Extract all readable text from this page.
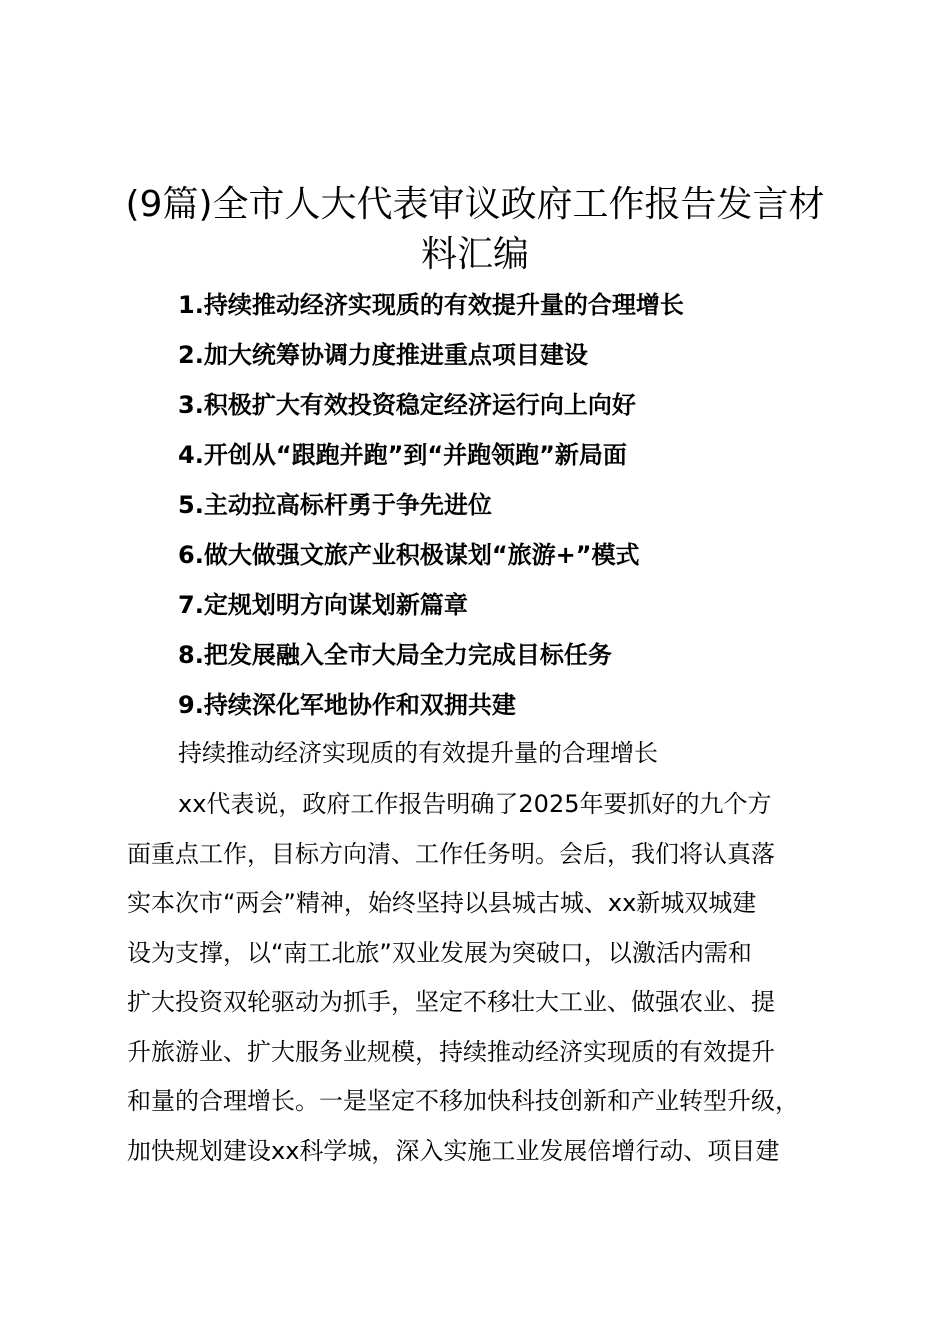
(9篇)全市人大代表审议政府工作报告发言材
料汇编
1.持续推动经济实现质的有效提升量的合理增长
2.加大统筹协调力度推进重点项目建设
3.积极扩大有效投资稳定经济运行向上向好
4.开创从“跟跑并跑”到“并跑领跑”新局面
5.主动拉高标杆勇于争先进位
6.做大做强文旅产业积极谋划“旅游+”模式
7.定规划明方向谋划新篇章
8.把发展融入全市大局全力完成目标任务
9.持续深化军地协作和双拥共建
持续推动经济实现质的有效提升量的合理增长

xx代表说，政府工作报告明确了2025年要抓好的九个方
面重点工作，目标方向清、工作任务明。会后，我们将认真落
实本次市“两会”精神，始终坚持以县城古城、xx新城双城建
设为支撑，以“南工北旅”双业发展为突破口，以激活内需和
扩大投资双轮驱动为抓手，坚定不移壮大工业、做强农业、提
升旅游业、扩大服务业规模，持续推动经济实现质的有效提升
和量的合理增长。一是坚定不移加快科技创新和产业转型升级，
加快规划建设xx科学城，深入实施工业发展倍增行动、项目建
